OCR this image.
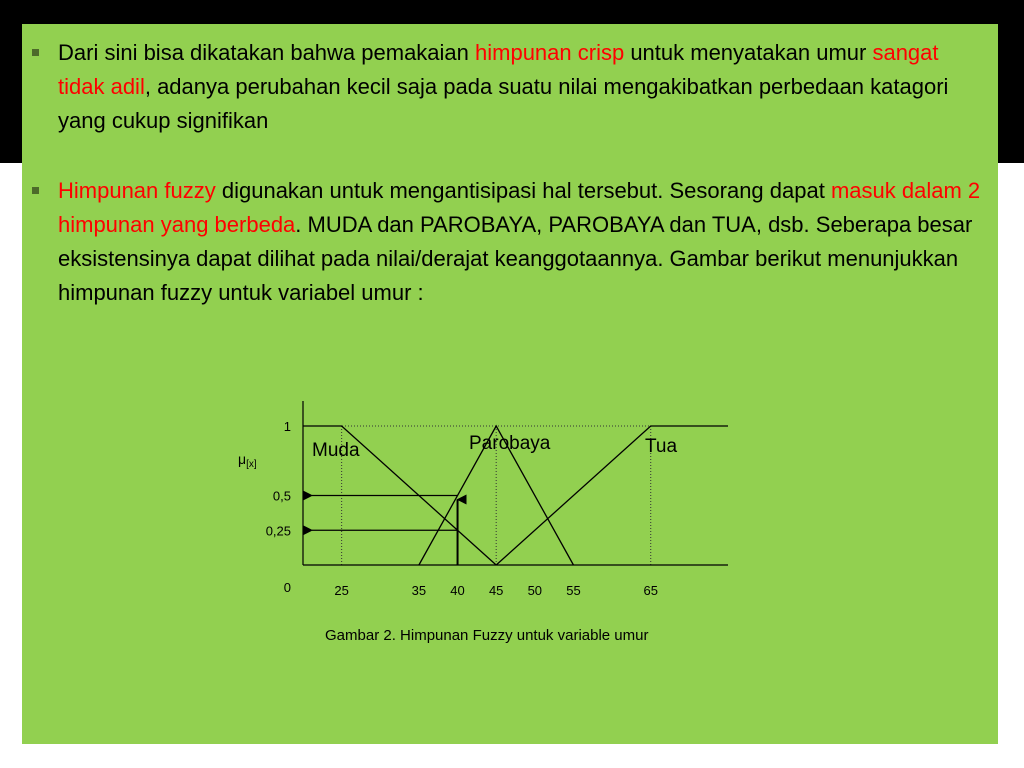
Dari sini bisa dikatakan bahwa pemakaian himpunan crisp untuk menyatakan umur sangat tidak adil, adanya perubahan kecil saja pada suatu nilai mengakibatkan perbedaan katagori yang cukup signifikan
Himpunan fuzzy digunakan untuk mengantisipasi hal tersebut. Sesorang dapat masuk dalam 2 himpunan yang berbeda. MUDA dan PAROBAYA, PAROBAYA dan TUA, dsb. Seberapa besar eksistensinya dapat dilihat pada nilai/derajat keanggotaannya. Gambar berikut menunjukkan himpunan fuzzy untuk variabel umur :
Muda	Parobaya	Tua
0
0,25
0,5
1
25	35 40 45 50 55	65
$\mu_{[x]}$
Gambar 2. Himpunan Fuzzy untuk variable umur
